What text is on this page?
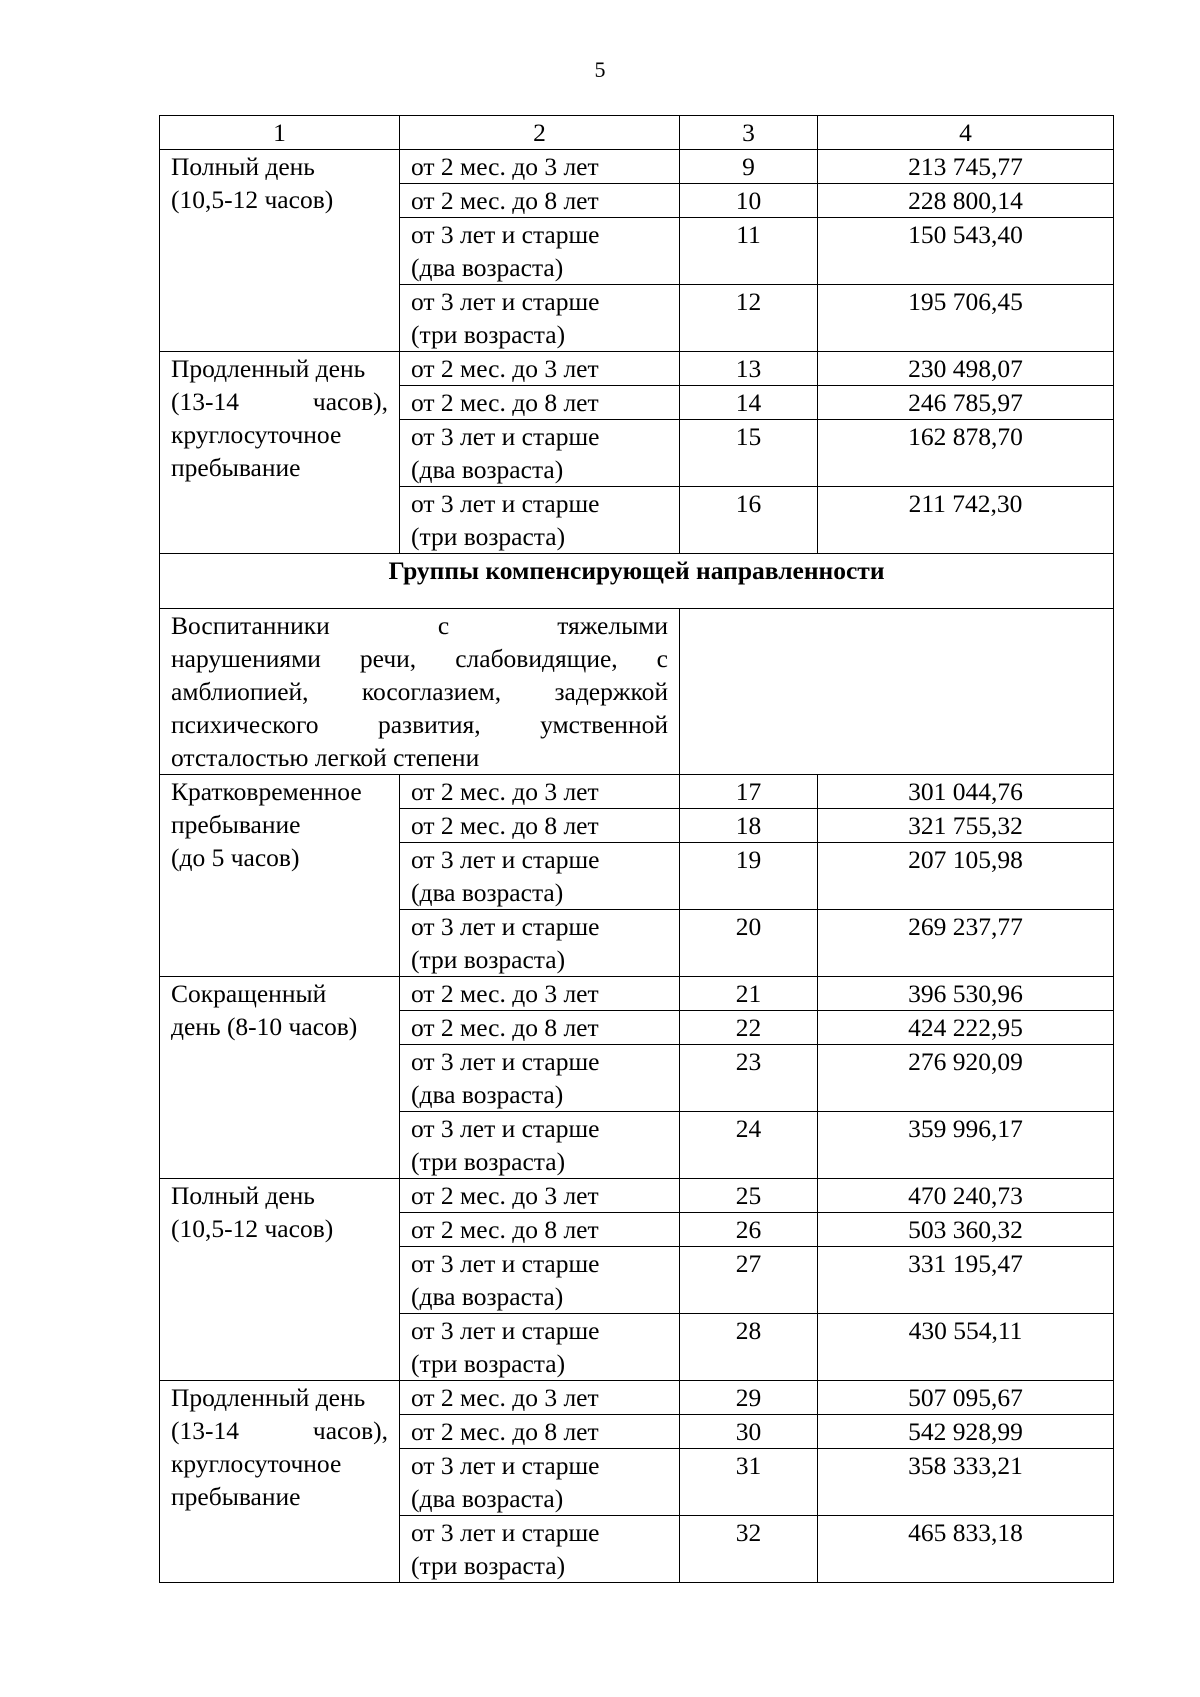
5
1	2	3	4

Полный день
(10,5-12 часов)	от 2 мес. до 3 лет	9	213 745,77

	от 2 мес. до 8 лет	10	228 800,14

	от 3 лет и старше
(два возраста)	11	150 543,40

	от 3 лет и старше
(три возраста)	12	195 706,45

Продленный день
(13-14 часов),
круглосуточное
пребывание	от 2 мес. до 3 лет	13	230 498,07

	от 2 мес. до 8 лет	14	246 785,97

	от 3 лет и старше
(два возраста)	15	162 878,70

	от 3 лет и старше
(три возраста)	16	211 742,30
Группы компенсирующей направленности			

Воспитанники с тяжелыми
нарушениями речи, слабовидящие, с
амблиопией, косоглазием, задержкой
психического развития, умственной
отсталостью легкой степени			

Кратковременное
пребывание
(до 5 часов)	от 2 мес. до 3 лет	17	301 044,76

	от 2 мес. до 8 лет	18	321 755,32

	от 3 лет и старше
(два возраста)	19	207 105,98

	от 3 лет и старше
(три возраста)	20	269 237,77

Сокращенный
день (8-10 часов)	от 2 мес. до 3 лет	21	396 530,96

	от 2 мес. до 8 лет	22	424 222,95

	от 3 лет и старше
(два возраста)	23	276 920,09

	от 3 лет и старше
(три возраста)	24	359 996,17

Полный день
(10,5-12 часов)	от 2 мес. до 3 лет	25	470 240,73

	от 2 мес. до 8 лет	26	503 360,32

	от 3 лет и старше
(два возраста)	27	331 195,47

	от 3 лет и старше
(три возраста)	28	430 554,11

Продленный день
(13-14 часов),
круглосуточное
пребывание	от 2 мес. до 3 лет	29	507 095,67

	от 2 мес. до 8 лет	30	542 928,99

	от 3 лет и старше
(два возраста)	31	358 333,21

	от 3 лет и старше
(три возраста)	32	465 833,18
